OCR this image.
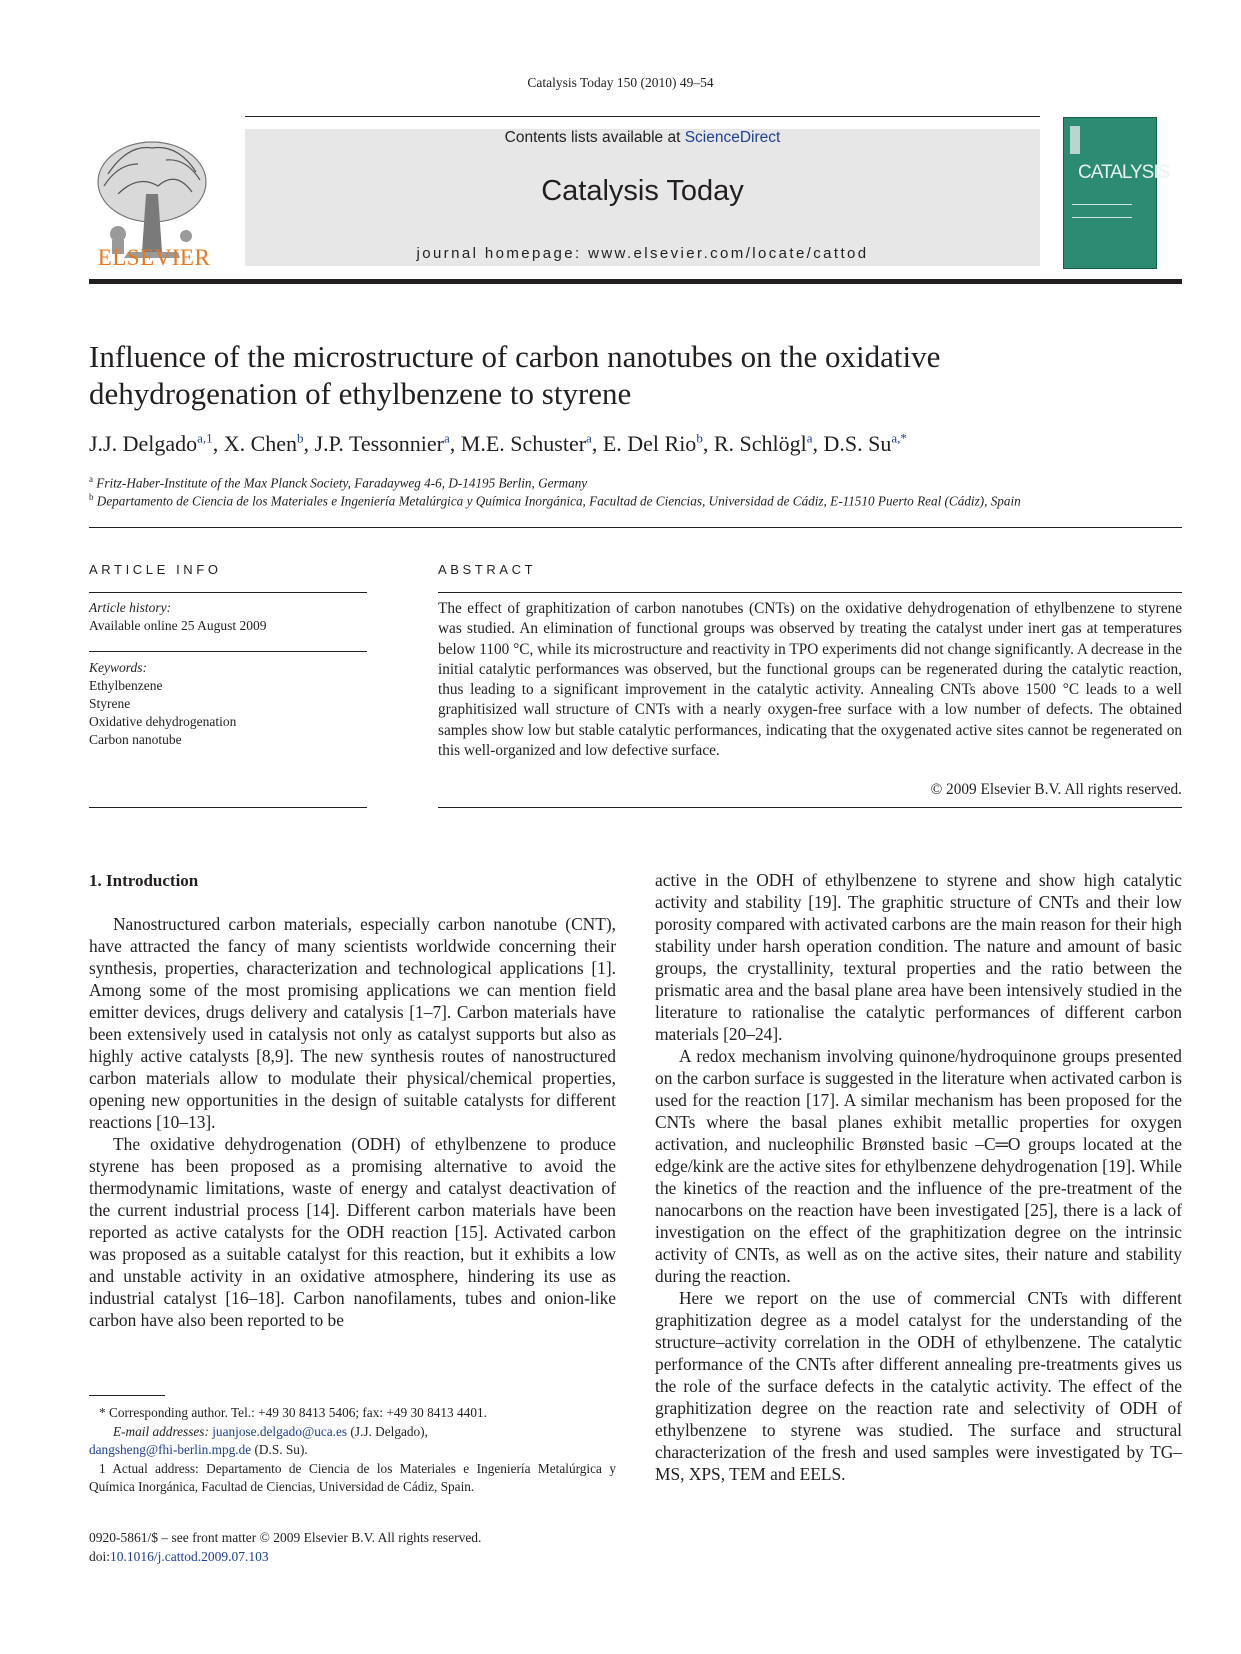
Catalysis Today 150 (2010) 49–54
ELSEVIER
Contents lists available at ScienceDirect
Catalysis Today
journal homepage: www.elsevier.com/locate/cattod
CATALYSIS
Influence of the microstructure of carbon nanotubes on the oxidative
dehydrogenation of ethylbenzene to styrene
J.J. Delgado$^{a,1}$, X. Chen$^b$, J.P. Tessonnier$^a$, M.E. Schuster$^a$, E. Del Rio$^b$, R. Schlögl$^a$, D.S. $Su^{a,*}$
$^a$ Fritz-Haber-Institute of the Max Planck Society, Faradayweg 4-6, D-14195 Berlin, Germany
$^b$ Departamento de Ciencia de los Materiales e Ingeniería Metalúrgica y Química Inorgánica, Facultad de Ciencias, Universidad de Cádiz, E-11510 Puerto Real (Cádiz), Spain
ARTICLE INFO
Article history:
Available online 25 August 2009
Keywords:
Ethylbenzene
Styrene
Oxidative dehydrogenation
Carbon nanotube
ABSTRACT
The effect of graphitization of carbon nanotubes (CNTs) on the oxidative dehydrogenation of ethylbenzene to styrene was studied. An elimination of functional groups was observed by treating the catalyst under inert gas at temperatures below 1100 °C, while its microstructure and reactivity in TPO experiments did not change significantly. A decrease in the initial catalytic performances was observed, but the functional groups can be regenerated during the catalytic reaction, thus leading to a significant improvement in the catalytic activity. Annealing CNTs above 1500 °C leads to a well graphitisized wall structure of CNTs with a nearly oxygen-free surface with a low number of defects. The obtained samples show low but stable catalytic performances, indicating that the oxygenated active sites cannot be regenerated on this well-organized and low defective surface.
© 2009 Elsevier B.V. All rights reserved.
1. Introduction

Nanostructured carbon materials, especially carbon nanotube (CNT), have attracted the fancy of many scientists worldwide concerning their synthesis, properties, characterization and technological applications [1]. Among some of the most promising applications we can mention field emitter devices, drugs delivery and catalysis [1–7]. Carbon materials have been extensively used in catalysis not only as catalyst supports but also as highly active catalysts [8,9]. The new synthesis routes of nanostructured carbon materials allow to modulate their physical/chemical properties, opening new opportunities in the design of suitable catalysts for different reactions [10–13].

The oxidative dehydrogenation (ODH) of ethylbenzene to produce styrene has been proposed as a promising alternative to avoid the thermodynamic limitations, waste of energy and catalyst deactivation of the current industrial process [14]. Different carbon materials have been reported as active catalysts for the ODH reaction [15]. Activated carbon was proposed as a suitable catalyst for this reaction, but it exhibits a low and unstable activity in an oxidative atmosphere, hindering its use as industrial catalyst [16–18]. Carbon nanofilaments, tubes and onion-like carbon have also been reported to be

active in the ODH of ethylbenzene to styrene and show high catalytic activity and stability [19]. The graphitic structure of CNTs and their low porosity compared with activated carbons are the main reason for their high stability under harsh operation condition. The nature and amount of basic groups, the crystallinity, textural properties and the ratio between the prismatic area and the basal plane area have been intensively studied in the literature to rationalise the catalytic performances of different carbon materials [20–24].

A redox mechanism involving quinone/hydroquinone groups presented on the carbon surface is suggested in the literature when activated carbon is used for the reaction [17]. A similar mechanism has been proposed for the CNTs where the basal planes exhibit metallic properties for oxygen activation, and nucleophilic Brønsted basic –C═O groups located at the edge/kink are the active sites for ethylbenzene dehydrogenation [19]. While the kinetics of the reaction and the influence of the pre-treatment of the nanocarbons on the reaction have been investigated [25], there is a lack of investigation on the effect of the graphitization degree on the intrinsic activity of CNTs, as well as on the active sites, their nature and stability during the reaction.

Here we report on the use of commercial CNTs with different graphitization degree as a model catalyst for the understanding of the structure–activity correlation in the ODH of ethylbenzene. The catalytic performance of the CNTs after different annealing pre-treatments gives us the role of the surface defects in the catalytic activity. The effect of the graphitization degree on the reaction rate and selectivity of ODH of ethylbenzene to styrene was studied. The surface and structural characterization of the fresh and used samples were investigated by TG–MS, XPS, TEM and EELS.

* Corresponding author. Tel.: +49 30 8413 5406; fax: +49 30 8413 4401.

E-mail addresses: juanjose.delgado@uca.es (J.J. Delgado),
dangsheng@fhi-berlin.mpg.de (D.S. Su).

1 Actual address: Departamento de Ciencia de los Materiales e Ingeniería Metalúrgica y Química Inorgánica, Facultad de Ciencias, Universidad de Cádiz, Spain.

0920-5861/$ – see front matter © 2009 Elsevier B.V. All rights reserved.
doi:10.1016/j.cattod.2009.07.103
